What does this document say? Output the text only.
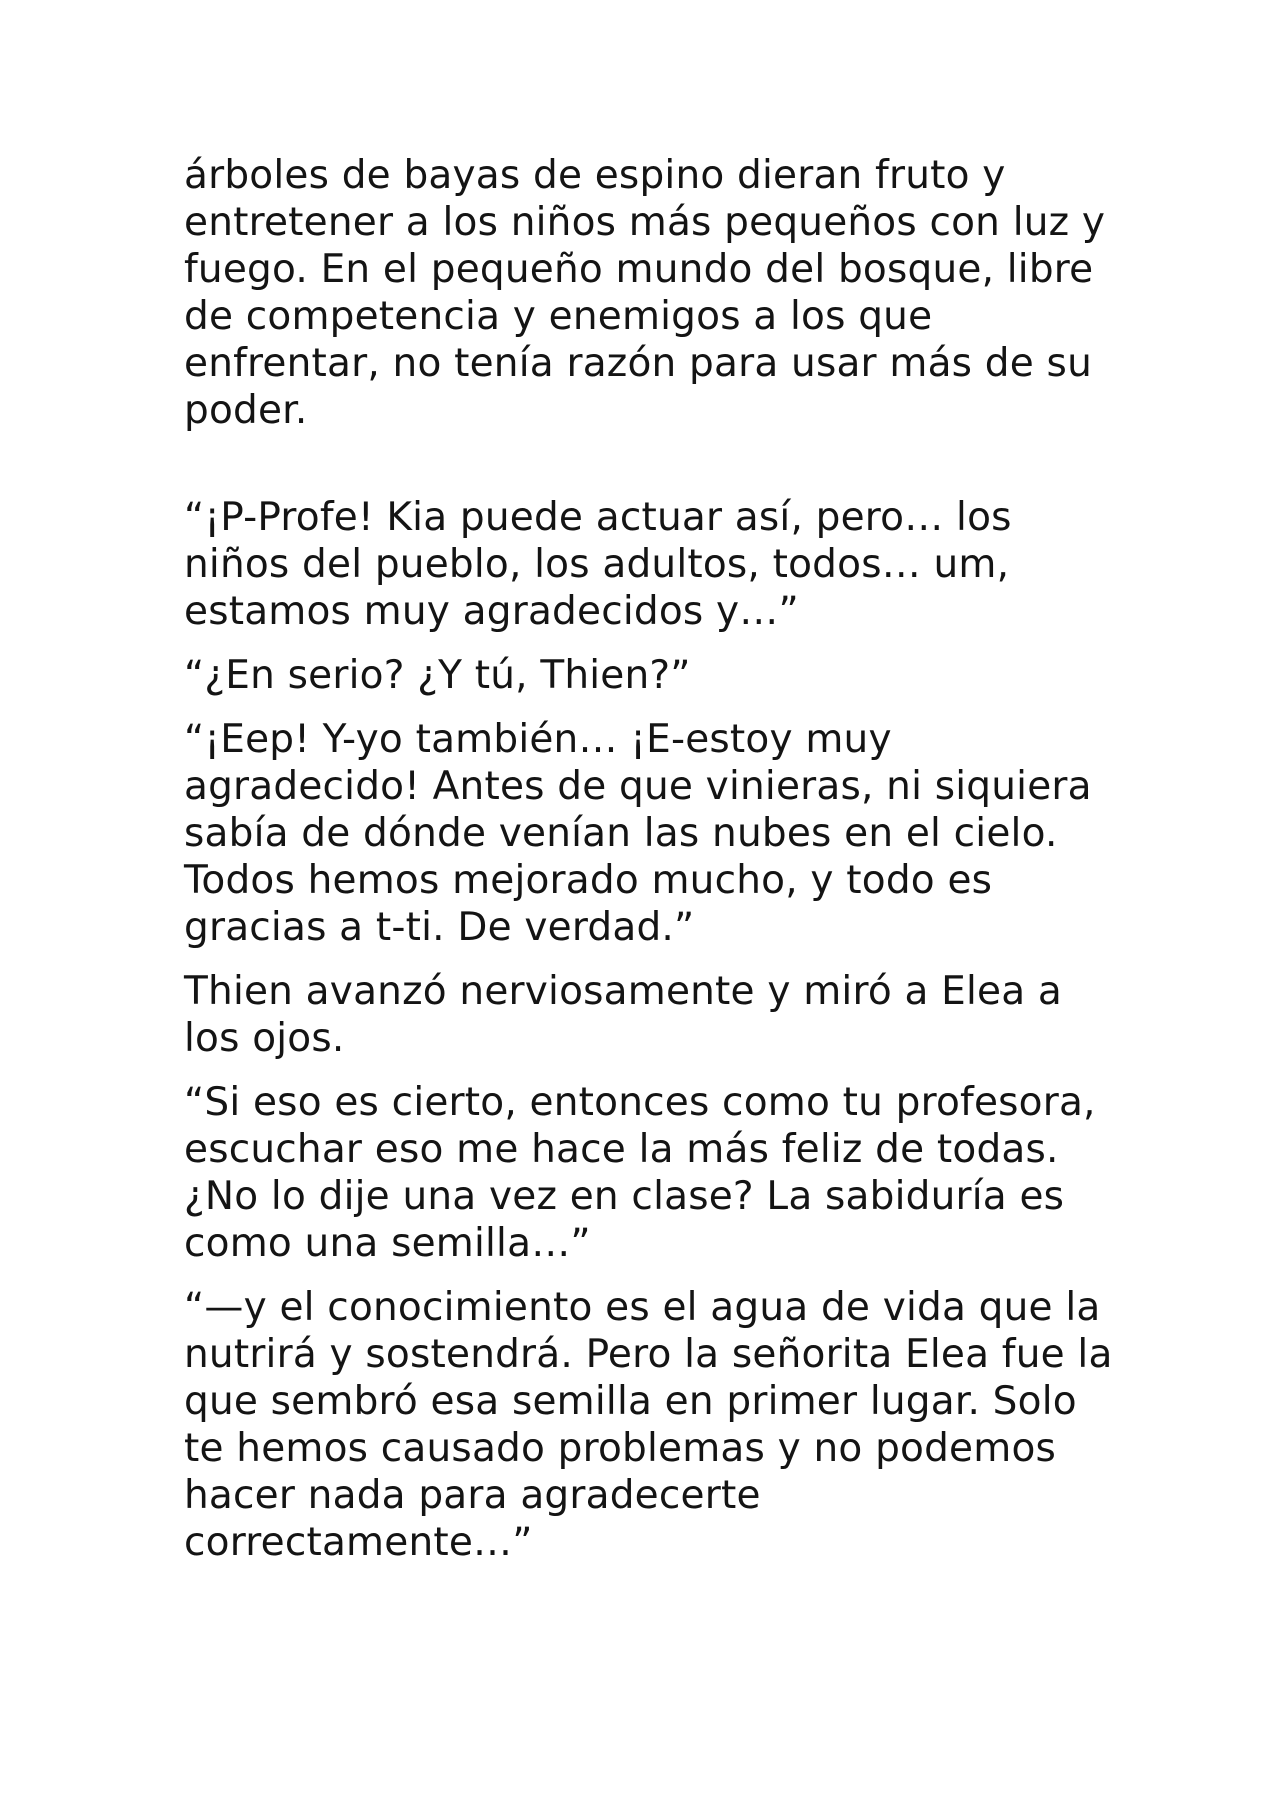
árboles de bayas de espino dieran fruto y entretener a los niños más pequeños con luz y fuego. En el pequeño mundo del bosque, libre de competencia y enemigos a los que enfrentar, no tenía razón para usar más de su poder.

“¡P-Profe! Kia puede actuar así, pero… los niños del pueblo, los adultos, todos… um, estamos muy agradecidos y…”

“¿En serio? ¿Y tú, Thien?”

“¡Eep! Y-yo también… ¡E-estoy muy agradecido! Antes de que vinieras, ni siquiera sabía de dónde venían las nubes en el cielo. Todos hemos mejorado mucho, y todo es gracias a t-ti. De verdad.”

Thien avanzó nerviosamente y miró a Elea a los ojos.

“Si eso es cierto, entonces como tu profesora, escuchar eso me hace la más feliz de todas. ¿No lo dije una vez en clase? La sabiduría es como una semilla…”

“—y el conocimiento es el agua de vida que la nutrirá y sostendrá. Pero la señorita Elea fue la que sembró esa semilla en primer lugar. Solo te hemos causado problemas y no podemos hacer nada para agradecerte correctamente…”
